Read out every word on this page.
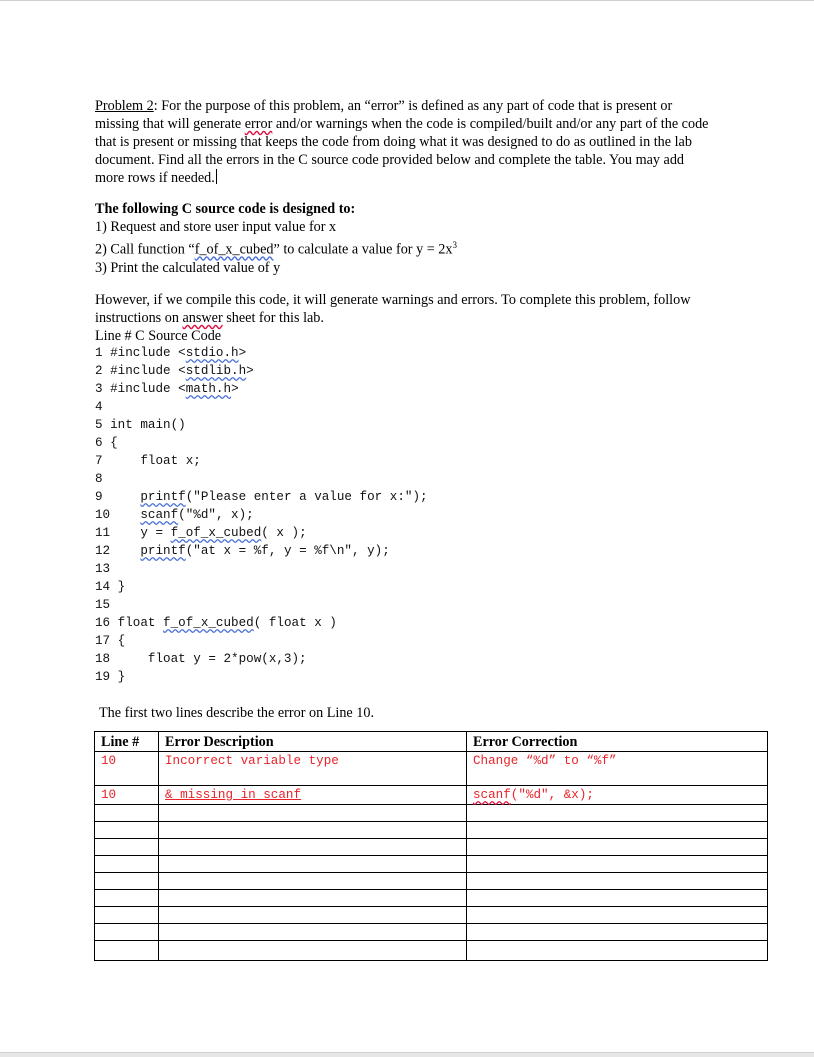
Problem 2: For the purpose of this problem, an “error” is defined as any part of code that is present or missing that will generate error and/or warnings when the code is compiled/built and/or any part of the code that is present or missing that keeps the code from doing what it was designed to do as outlined in the lab document. Find all the errors in the C source code provided below and complete the table. You may add more rows if needed.
The following C source code is designed to:
1) Request and store user input value for x
2) Call function “f_of_x_cubed” to calculate a value for $y = 2x^3$
3) Print the calculated value of y
However, if we compile this code, it will generate warnings and errors. To complete this problem, follow instructions on answer sheet for this lab.
Line # C Source Code
1 #include <stdio.h>
2 #include <stdlib.h>
3 #include <math.h>
4
5 int main()
6 {
7     float x;
8
9     printf("Please enter a value for x:");
10    scanf("%d", x);
11    y = f_of_x_cubed( x );
12    printf("at x = %f, y = %f\n", y);
13
14 }
15
16 float f_of_x_cubed( float x )
17 {
18     float y = 2*pow(x,3);
19 }
The first two lines describe the error on Line 10.
Line #	Error Description	Error Correction
10	Incorrect variable type	Change “%d” to “%f”
10	& missing in scanf	scanf("%d", &x);
